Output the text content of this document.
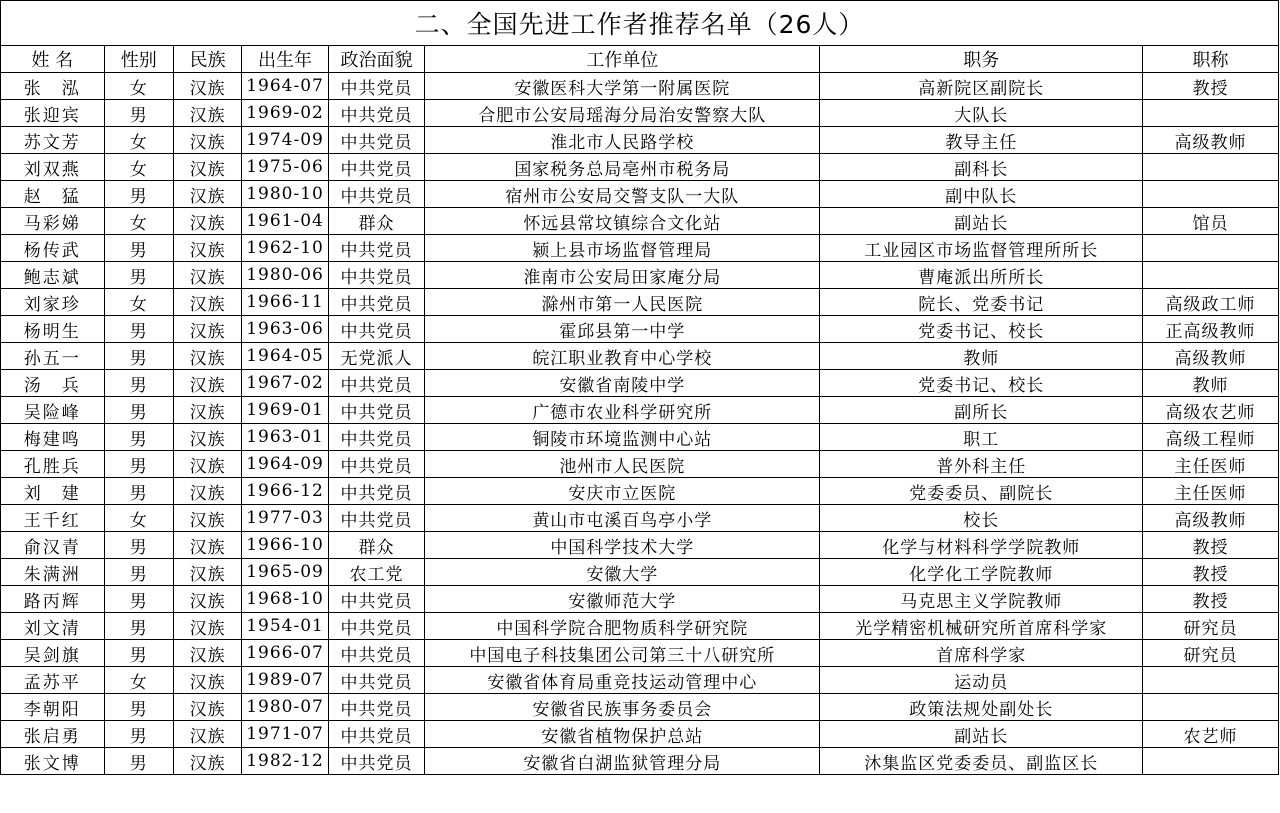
二、全国先进工作者推荐名单（26人）							
姓 名	性别	民族	出生年	政治面貌	工作单位	职务	职称
张　泓	女	汉族	1964-07	中共党员	安徽医科大学第一附属医院	高新院区副院长	教授
张迎宾	男	汉族	1969-02	中共党员	合肥市公安局瑶海分局治安警察大队	大队长	
苏文芳	女	汉族	1974-09	中共党员	淮北市人民路学校	教导主任	高级教师
刘双燕	女	汉族	1975-06	中共党员	国家税务总局亳州市税务局	副科长	
赵　猛	男	汉族	1980-10	中共党员	宿州市公安局交警支队一大队	副中队长	
马彩娣	女	汉族	1961-04	群众	怀远县常坟镇综合文化站	副站长	馆员
杨传武	男	汉族	1962-10	中共党员	颍上县市场监督管理局	工业园区市场监督管理所所长	
鲍志斌	男	汉族	1980-06	中共党员	淮南市公安局田家庵分局	曹庵派出所所长	
刘家珍	女	汉族	1966-11	中共党员	滁州市第一人民医院	院长、党委书记	高级政工师
杨明生	男	汉族	1963-06	中共党员	霍邱县第一中学	党委书记、校长	正高级教师
孙五一	男	汉族	1964-05	无党派人	皖江职业教育中心学校	教师	高级教师
汤　兵	男	汉族	1967-02	中共党员	安徽省南陵中学	党委书记、校长	教师
吴险峰	男	汉族	1969-01	中共党员	广德市农业科学研究所	副所长	高级农艺师
梅建鸣	男	汉族	1963-01	中共党员	铜陵市环境监测中心站	职工	高级工程师
孔胜兵	男	汉族	1964-09	中共党员	池州市人民医院	普外科主任	主任医师
刘　建	男	汉族	1966-12	中共党员	安庆市立医院	党委委员、副院长	主任医师
王千红	女	汉族	1977-03	中共党员	黄山市屯溪百鸟亭小学	校长	高级教师
俞汉青	男	汉族	1966-10	群众	中国科学技术大学	化学与材料科学学院教师	教授
朱满洲	男	汉族	1965-09	农工党	安徽大学	化学化工学院教师	教授
路丙辉	男	汉族	1968-10	中共党员	安徽师范大学	马克思主义学院教师	教授
刘文清	男	汉族	1954-01	中共党员	中国科学院合肥物质科学研究院	光学精密机械研究所首席科学家	研究员
吴剑旗	男	汉族	1966-07	中共党员	中国电子科技集团公司第三十八研究所	首席科学家	研究员
孟苏平	女	汉族	1989-07	中共党员	安徽省体育局重竞技运动管理中心	运动员	
李朝阳	男	汉族	1980-07	中共党员	安徽省民族事务委员会	政策法规处副处长	
张启勇	男	汉族	1971-07	中共党员	安徽省植物保护总站	副站长	农艺师
张文博	男	汉族	1982-12	中共党员	安徽省白湖监狱管理分局	沐集监区党委委员、副监区长	
